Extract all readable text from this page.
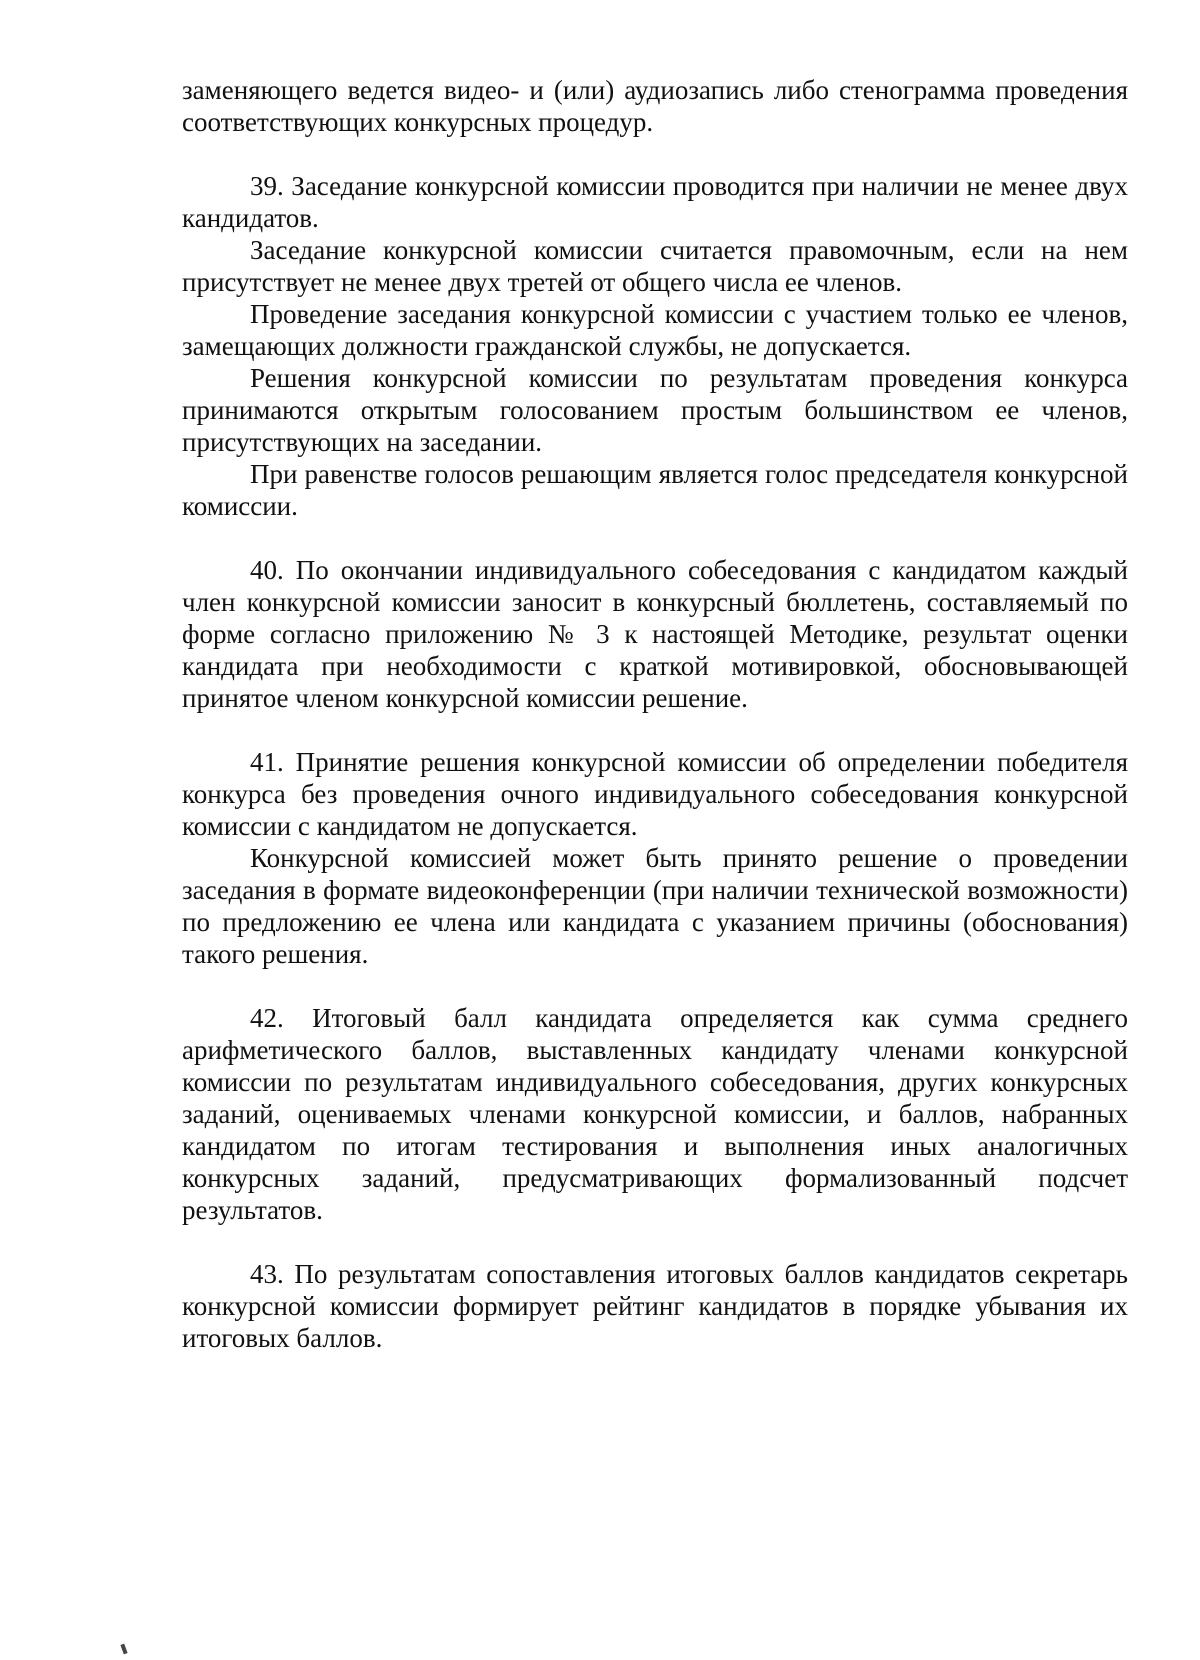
заменяющего ведется видео- и (или) аудиозапись либо стенограмма проведения соответствующих конкурсных процедур.

39. Заседание конкурсной комиссии проводится при наличии не менее двух кандидатов.

Заседание конкурсной комиссии считается правомочным, если на нем присутствует не менее двух третей от общего числа ее членов.

Проведение заседания конкурсной комиссии с участием только ее членов, замещающих должности гражданской службы, не допускается.

Решения конкурсной комиссии по результатам проведения конкурса принимаются открытым голосованием простым большинством ее членов, присутствующих на заседании.

При равенстве голосов решающим является голос председателя конкурсной комиссии.

40. По окончании индивидуального собеседования с кандидатом каждый член конкурсной комиссии заносит в конкурсный бюллетень, составляемый по форме согласно приложению № 3 к настоящей Методике, результат оценки кандидата при необходимости с краткой мотивировкой, обосновывающей принятое членом конкурсной комиссии решение.

41. Принятие решения конкурсной комиссии об определении победителя конкурса без проведения очного индивидуального собеседования конкурсной комиссии с кандидатом не допускается.

Конкурсной комиссией может быть принято решение о проведении заседания в формате видеоконференции (при наличии технической возможности) по предложению ее члена или кандидата с указанием причины (обоснования) такого решения.

42. Итоговый балл кандидата определяется как сумма среднего арифметического баллов, выставленных кандидату членами конкурсной комиссии по результатам индивидуального собеседования, других конкурсных заданий, оцениваемых членами конкурсной комиссии, и баллов, набранных кандидатом по итогам тестирования и выполнения иных аналогичных конкурсных заданий, предусматривающих формализованный подсчет результатов.

43. По результатам сопоставления итоговых баллов кандидатов секретарь конкурсной комиссии формирует рейтинг кандидатов в порядке убывания их итоговых баллов.
